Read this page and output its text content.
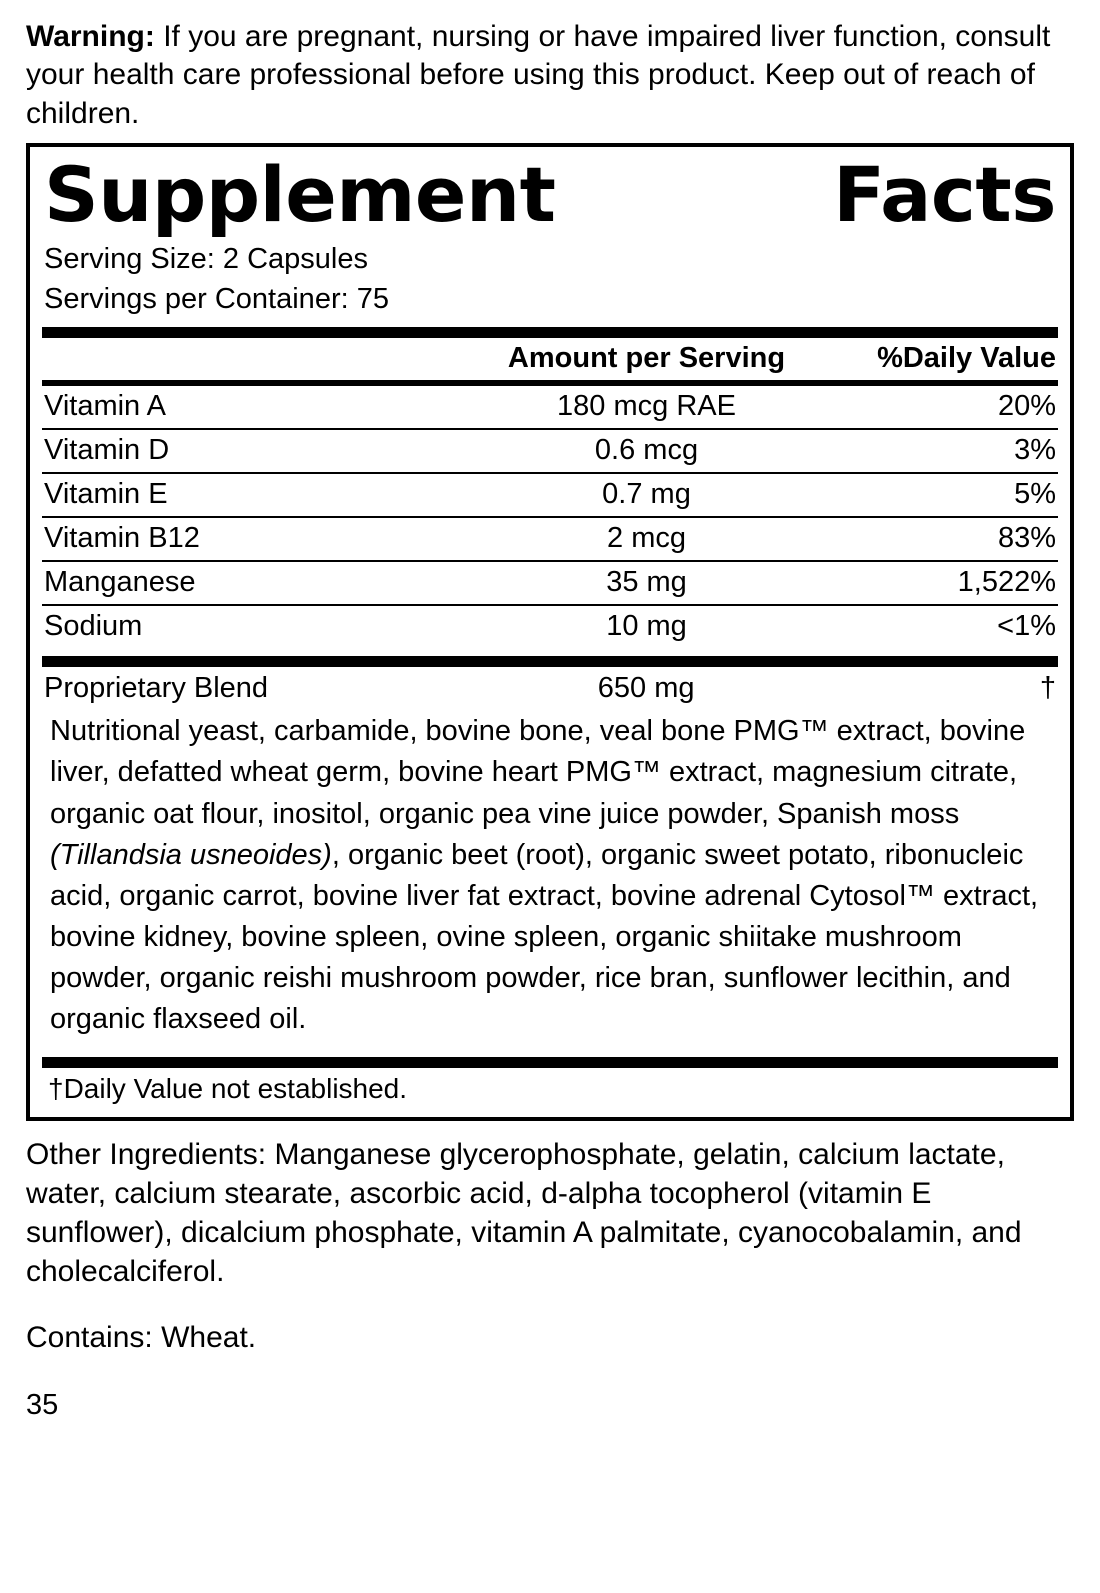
Warning: If you are pregnant, nursing or have impaired liver function, consult your health care professional before using this product. Keep out of reach of children.

Supplement	Facts
Serving Size: 2 Capsules
Servings per Container: 75
	Amount per Serving	%Daily Value
Vitamin A	180 mcg RAE	20%
Vitamin D	0.6 mcg	3%
Vitamin E	0.7 mg	5%
Vitamin B12	2 mcg	83%
Manganese	35 mg	1,522%
Sodium	10 mg	<1%
Proprietary Blend	650 mg	†
Nutritional yeast, carbamide, bovine bone, veal bone PMG™ extract, bovine liver, defatted wheat germ, bovine heart PMG™ extract, magnesium citrate, organic oat flour, inositol, organic pea vine juice powder, Spanish moss (Tillandsia usneoides), organic beet (root), organic sweet potato, ribonucleic acid, organic carrot, bovine liver fat extract, bovine adrenal Cytosol™ extract, bovine kidney, bovine spleen, ovine spleen, organic shiitake mushroom powder, organic reishi mushroom powder, rice bran, sunflower lecithin, and organic flaxseed oil.
†Daily Value not established.

Other Ingredients: Manganese glycerophosphate, gelatin, calcium lactate, water, calcium stearate, ascorbic acid, d-alpha tocopherol (vitamin E sunflower), dicalcium phosphate, vitamin A palmitate, cyanocobalamin, and cholecalciferol.

Contains: Wheat.

35
